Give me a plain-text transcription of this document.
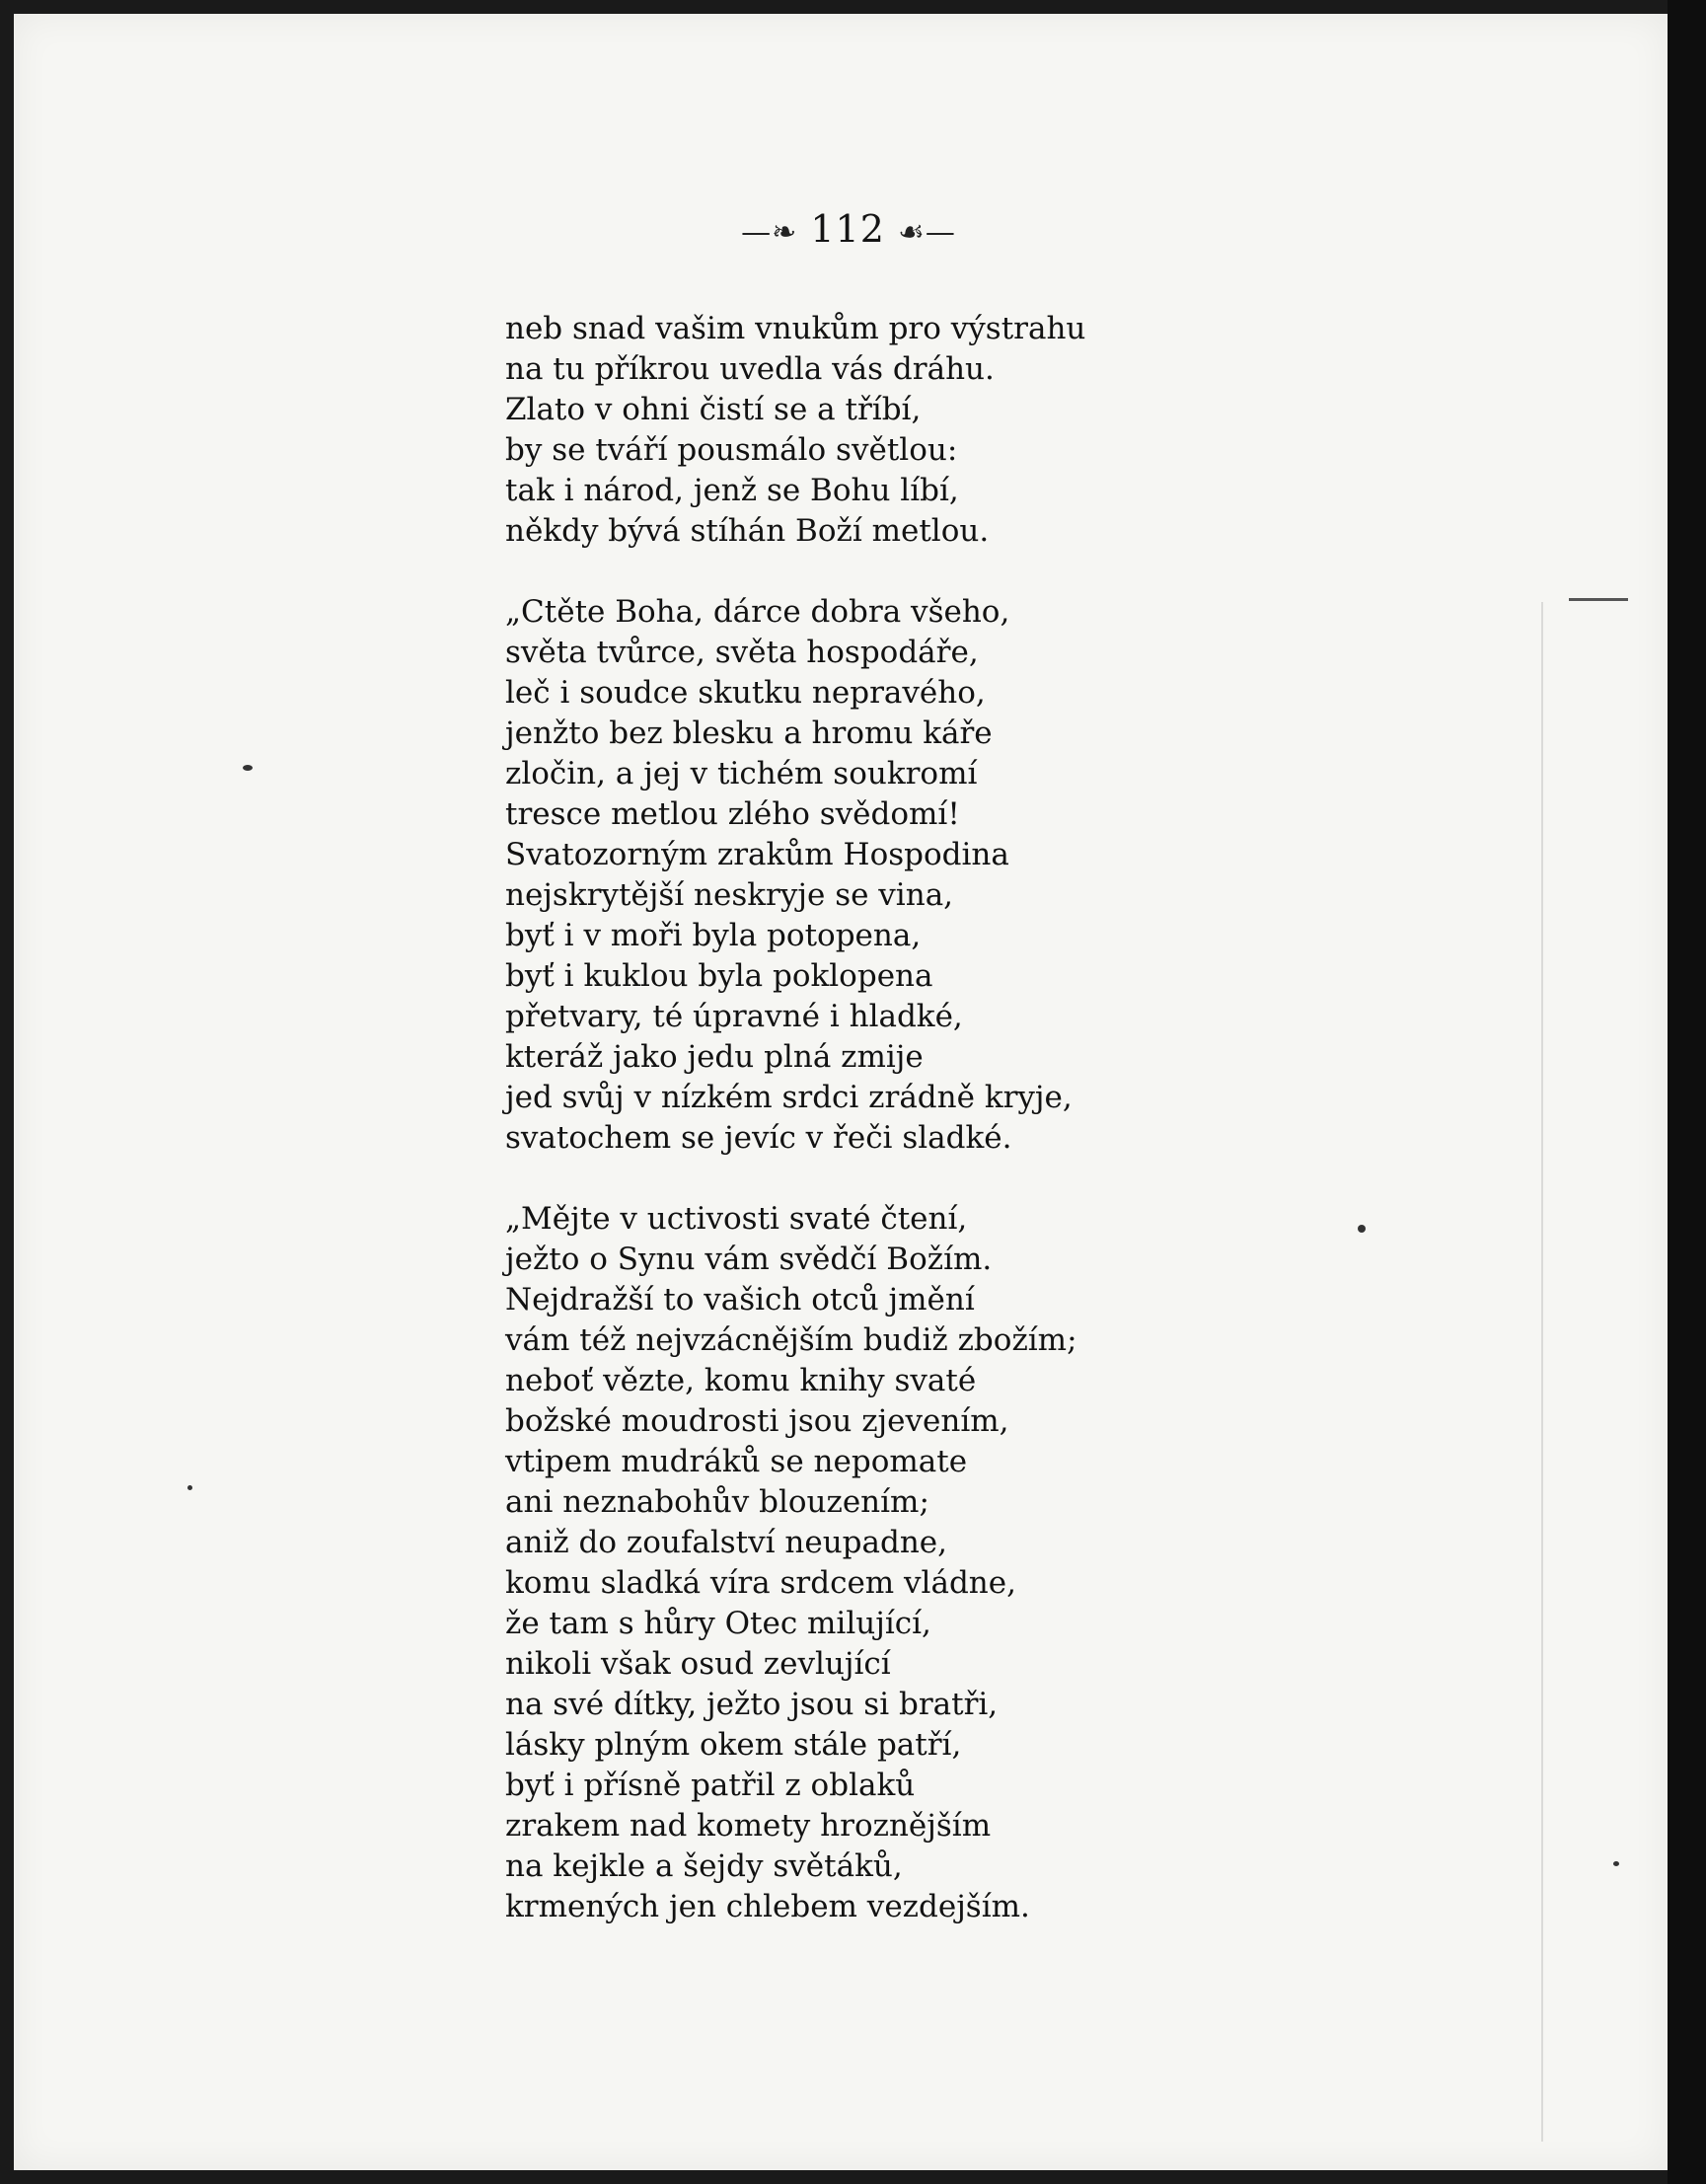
—❧ 112 ☙—
neb snad vašim vnukům pro výstrahu
na tu příkrou uvedla vás dráhu.
Zlato v ohni čistí se a tříbí,
by se tváří pousmálo světlou:
tak i národ, jenž se Bohu líbí,
někdy bývá stíhán Boží metlou.
„Ctěte Boha, dárce dobra všeho,
světa tvůrce, světa hospodáře,
leč i soudce skutku nepravého,
jenžto bez blesku a hromu káře
zločin, a jej v tichém soukromí
tresce metlou zlého svědomí!
Svatozorným zrakům Hospodina
nejskrytější neskryje se vina,
byť i v moři byla potopena,
byť i kuklou byla poklopena
přetvary, té úpravné i hladké,
kteráž jako jedu plná zmije
jed svůj v nízkém srdci zrádně kryje,
svatochem se jevíc v řeči sladké.
„Mějte v uctivosti svaté čtení,
ježto o Synu vám svědčí Božím.
Nejdražší to vašich otců jmění
vám též nejvzácnějším budiž zbožím;
neboť vězte, komu knihy svaté
božské moudrosti jsou zjevením,
vtipem mudráků se nepomate
ani neznabohův blouzením;
aniž do zoufalství neupadne,
komu sladká víra srdcem vládne,
že tam s hůry Otec milující,
nikoli však osud zevlující
na své dítky, ježto jsou si bratři,
lásky plným okem stále patří,
byť i přísně patřil z oblaků
zrakem nad komety hroznějším
na kejkle a šejdy světáků,
krmených jen chlebem vezdejším.
